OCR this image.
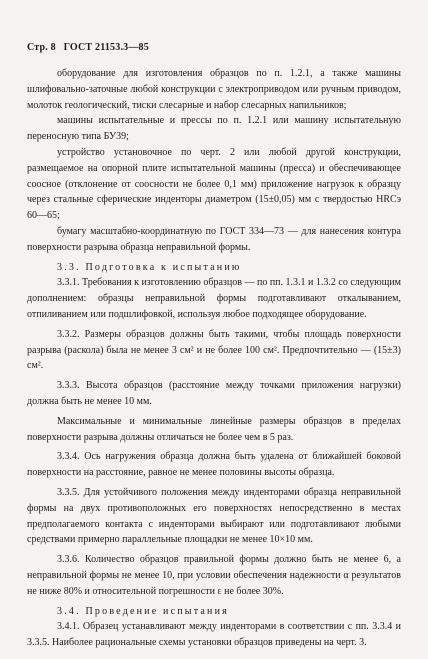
Стр. 8 ГОСТ 21153.3—85

оборудование для изготовления образцов по п. 1.2.1, а также машины шлифовально-заточные любой конструкции с электроприводом или ручным приводом, молоток геологический, тиски слесарные и набор слесарных напильников;

машины испытательные и прессы по п. 1.2.1 или машину испытательную переносную типа БУ39;

устройство установочное по черт. 2 или любой другой конструкции, размещаемое на опорной плите испытательной машины (пресса) и обеспечивающее соосное (отклонение от соосности не более 0,1 мм) приложение нагрузок к образцу через стальные сферические инденторы диаметром (15±0,05) мм с твердостью HRCэ 60—65;

бумагу масштабно-координатную по ГОСТ 334—73 — для нанесения контура поверхности разрыва образца неправильной формы.

3.3. Подготовка к испытанию

3.3.1. Требования к изготовлению образцов — по пп. 1.3.1 и 1.3.2 со следующим дополнением: образцы неправильной формы подготавливают откалыванием, отпиливанием или подшлифовкой, используя любое подходящее оборудование.

3.3.2. Размеры образцов должны быть такими, чтобы площадь поверхности разрыва (раскола) была не менее 3 см² и не более 100 см². Предпочтительно — (15±3) см².

3.3.3. Высота образцов (расстояние между точками приложения нагрузки) должна быть не менее 10 мм.

Максимальные и минимальные линейные размеры образцов в пределах поверхности разрыва должны отличаться не более чем в 5 раз.

3.3.4. Ось нагружения образца должна быть удалена от ближайшей боковой поверхности на расстояние, равное не менее половины высоты образца.

3.3.5. Для устойчивого положения между инденторами образца неправильной формы на двух противоположных его поверхностях непосредственно в местах предполагаемого контакта с инденторами выбирают или подготавливают любыми средствами примерно параллельные площадки не менее 10×10 мм.

3.3.6. Количество образцов правильной формы должно быть не менее 6, а неправильной формы не менее 10, при условии обеспечения надежности α результатов не ниже 80% и относительной погрешности ε не более 30%.

3.4. Проведение испытания

3.4.1. Образец устанавливают между инденторами в соответствии с пп. 3.3.4 и 3.3.5. Наиболее рациональные схемы установки образцов приведены на черт. 3.
